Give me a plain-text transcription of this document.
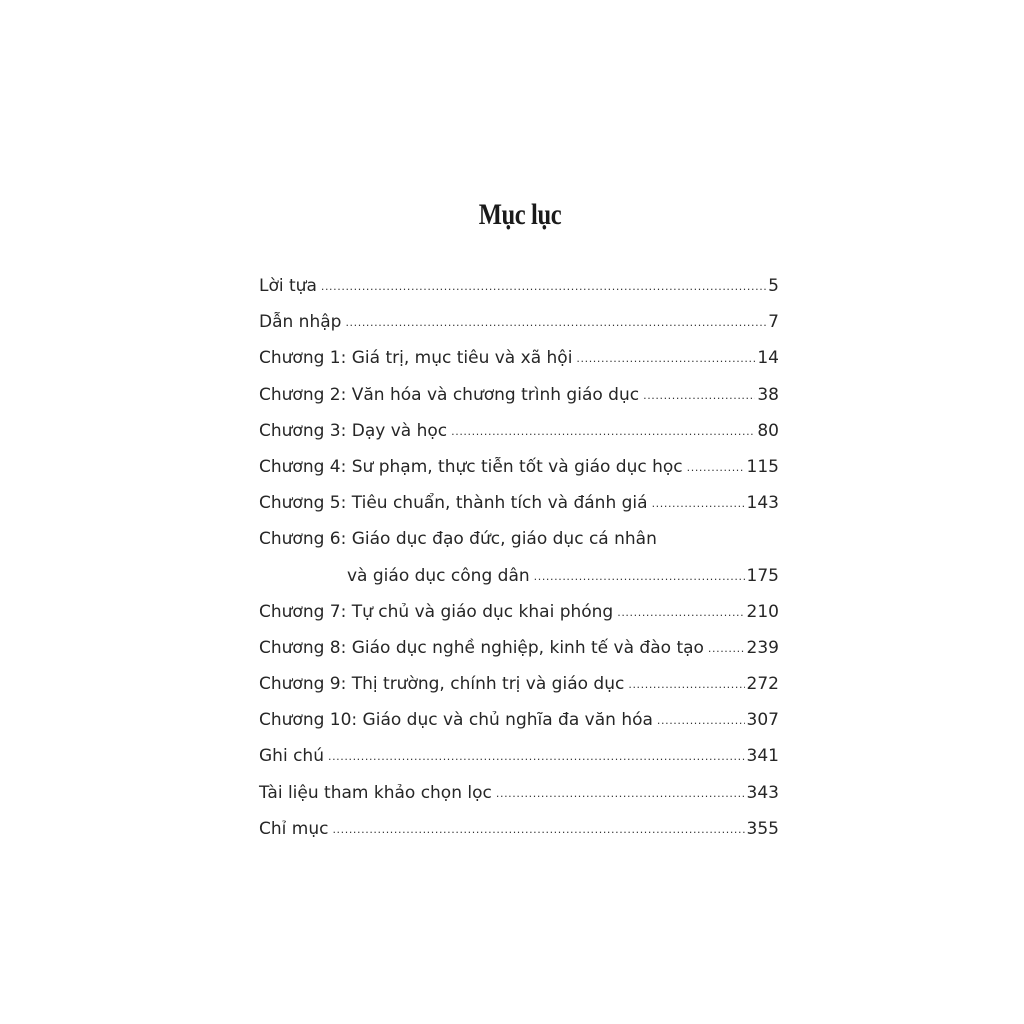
Mục lục
Lời tựa .....	5
Dẫn nhập .....	7
Chương 1: Giá trị, mục tiêu và xã hội .....	14
Chương 2: Văn hóa và chương trình giáo dục .....	38
Chương 3: Dạy và học .....	80
Chương 4: Sư phạm, thực tiễn tốt và giáo dục học .....	115
Chương 5: Tiêu chuẩn, thành tích và đánh giá .....	143
Chương 6: Giáo dục đạo đức, giáo dục cá nhân
và giáo dục công dân .....	175
Chương 7: Tự chủ và giáo dục khai phóng .....	210
Chương 8: Giáo dục nghề nghiệp, kinh tế và đào tạo .....	239
Chương 9: Thị trường, chính trị và giáo dục .....	272
Chương 10: Giáo dục và chủ nghĩa đa văn hóa .....	307
Ghi chú .....	341
Tài liệu tham khảo chọn lọc .....	343
Chỉ mục .....	355
